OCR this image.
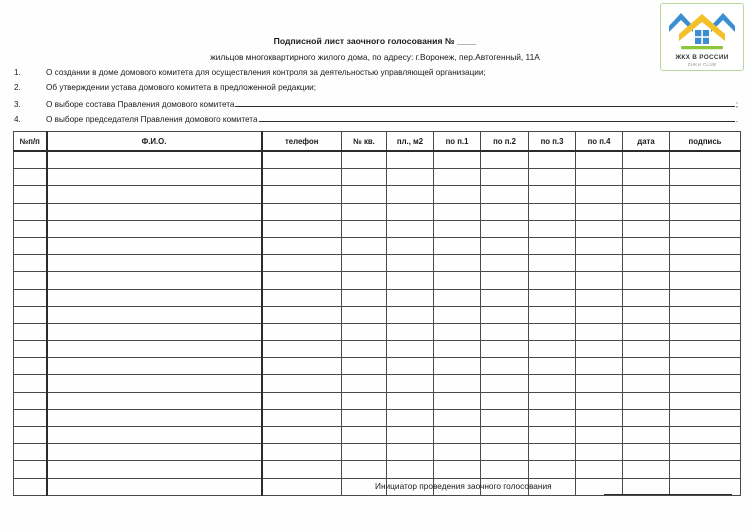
ЖКХ В РОССИИ
ZHKH CLUB
Подписной лист заочного голосования № ____
жильцов многоквартирного жилого дома, по адресу: г.Воронеж, пер.Автогенный, 11А
1.	О создании в доме домового комитета для осуществления контроля за деятельностью управляющей организации;
2.	Об утверждении устава домового комитета в предложенной редакции;
3.	О выборе состава Правления домового комитета	;
4.	О выборе председателя Правления домового комитета	.
№п/п	Ф.И.О.	телефон	№ кв.	пл., м2	по п.1	по п.2	по п.3	по п.4	дата	подпись

Инициатор проведения заочного голосования
